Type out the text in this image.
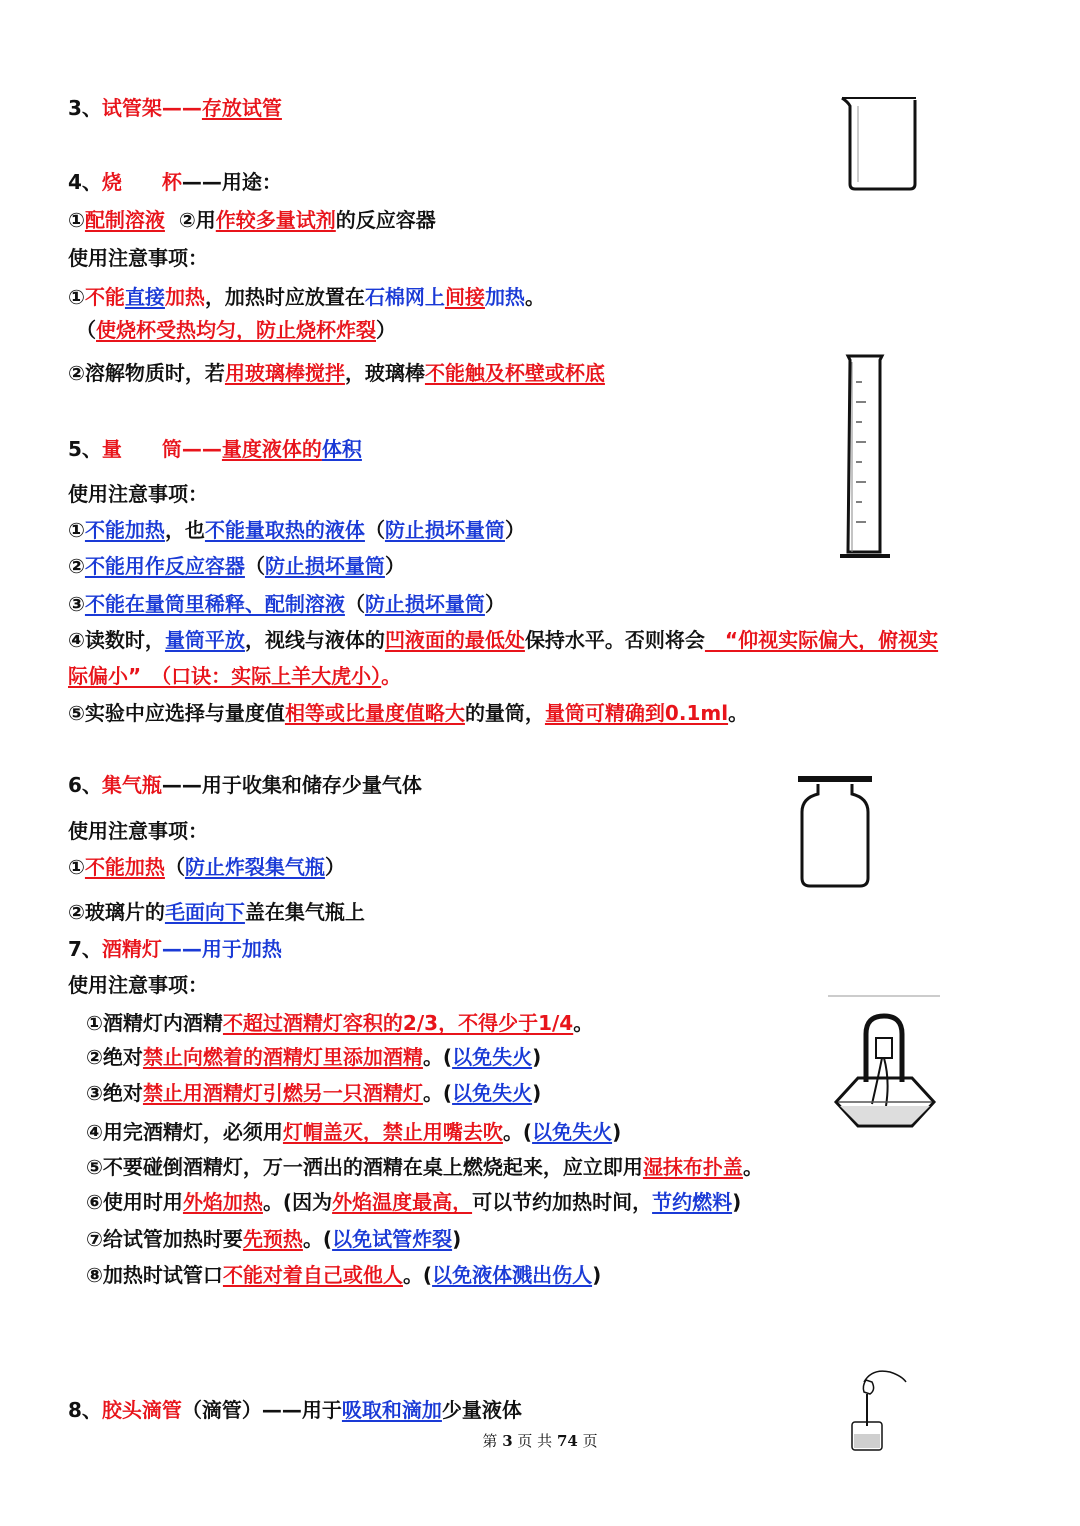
3、试管架——存放试管
4、烧　　杯——用途：
①配制溶液  ②用作较多量试剂的反应容器
使用注意事项：
①不能直接加热，加热时应放置在石棉网上间接加热。
（使烧杯受热均匀，防止烧杯炸裂）
②溶解物质时，若用玻璃棒搅拌，玻璃棒不能触及杯壁或杯底
5、量　　筒——量度液体的体积
使用注意事项：
①不能加热，也不能量取热的液体（防止损坏量筒）
②不能用作反应容器（防止损坏量筒）
③不能在量筒里稀释、配制溶液（防止损坏量筒）
④读数时，量筒平放，视线与液体的凹液面的最低处保持水平。否则将会　“仰视实际偏大，俯视实
际偏小”　（口诀：实际上羊大虎小）。
⑤实验中应选择与量度值相等或比量度值略大的量筒，量筒可精确到0.1ml。
6、集气瓶——用于收集和储存少量气体
使用注意事项：
①不能加热（防止炸裂集气瓶）
②玻璃片的毛面向下盖在集气瓶上
7、酒精灯——用于加热
使用注意事项：
①酒精灯内酒精不超过酒精灯容积的2/3，不得少于1/4。
②绝对禁止向燃着的酒精灯里添加酒精。(以免失火)
③绝对禁止用酒精灯引燃另一只酒精灯。(以免失火)
④用完酒精灯，必须用灯帽盖灭，禁止用嘴去吹。(以免失火)
⑤不要碰倒酒精灯，万一洒出的酒精在桌上燃烧起来，应立即用湿抹布扑盖。
⑥使用时用外焰加热。(因为外焰温度最高，可以节约加热时间，节约燃料)
⑦给试管加热时要先预热。(以免试管炸裂)
⑧加热时试管口不能对着自己或他人。(以免液体溅出伤人)
8、胶头滴管（滴管）——用于吸取和滴加少量液体
第 3 页 共 74 页
